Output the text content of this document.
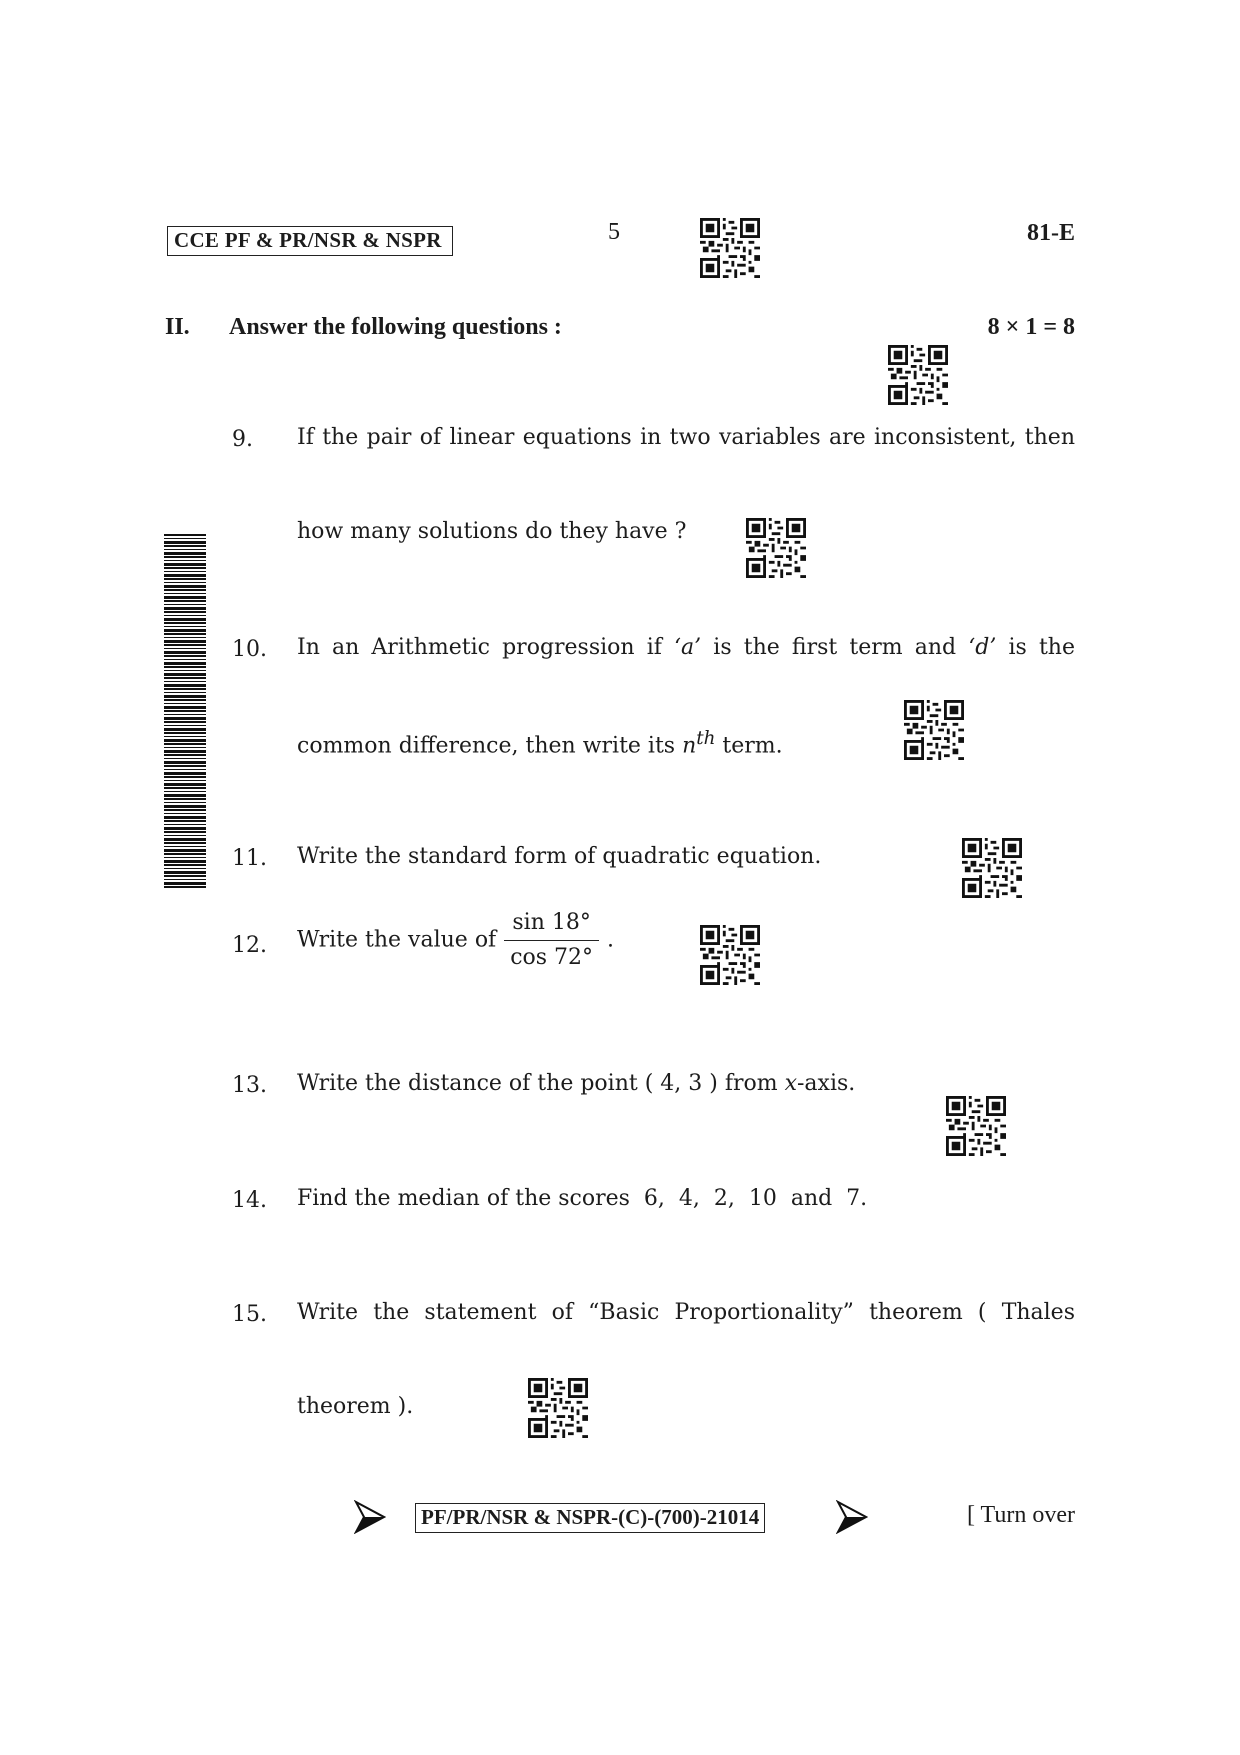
CCE PF & PR/NSR & NSPR	5	81-E
II. Answer the following questions :	8 × 1 = 8
9. If the pair of linear equations in two variables are inconsistent, then
how many solutions do they have ?
10. In an Arithmetic progression if ‘a’ is the first term and ‘d’ is the
common difference, then write its $n^{th}$ term.
11. Write the standard form of quadratic equation.
12. Write the value of $\frac{\sin 18^\circ}{\cos 72^\circ}$ .
13. Write the distance of the point ( 4, 3 ) from x-axis.
14. Find the median of the scores  6,  4,  2,  10  and  7.
15. Write the statement of “Basic Proportionality” theorem ( Thales
theorem ).
PF/PR/NSR & NSPR-(C)-(700)-21014	[ Turn over
